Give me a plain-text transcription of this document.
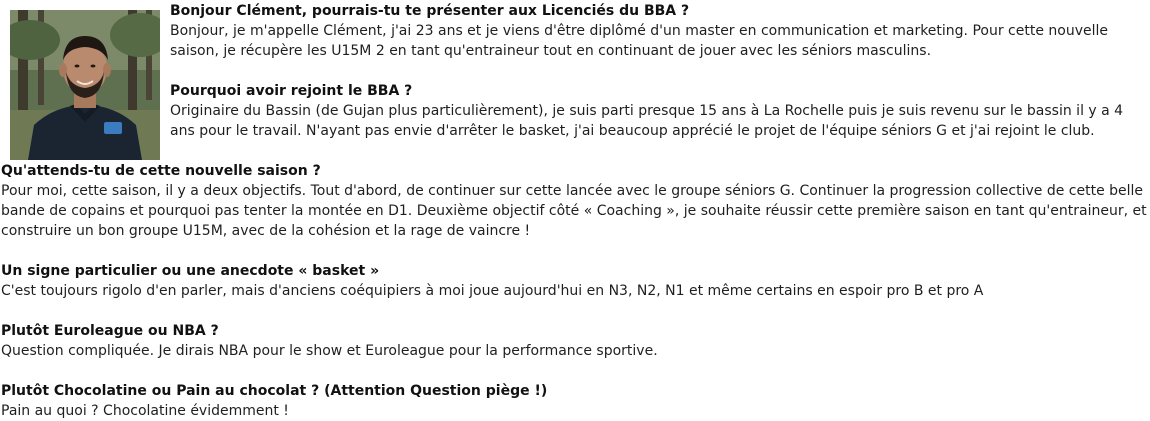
Bonjour Clément, pourrais-tu te présenter aux Licenciés du BBA ?

Bonjour, je m'appelle Clément, j'ai 23 ans et je viens d'être diplômé d'un master en communication et marketing. Pour cette nouvelle saison, je récupère les U15M 2 en tant qu'entraineur tout en continuant de jouer avec les séniors masculins.

Pourquoi avoir rejoint le BBA ?

Originaire du Bassin (de Gujan plus particulièrement), je suis parti presque 15 ans à La Rochelle puis je suis revenu sur le bassin il y a 4 ans pour le travail. N'ayant pas envie d'arrêter le basket, j'ai beaucoup apprécié le projet de l'équipe séniors G et j'ai rejoint le club.

Qu'attends-tu de cette nouvelle saison ?

Pour moi, cette saison, il y a deux objectifs. Tout d'abord, de continuer sur cette lancée avec le groupe séniors G. Continuer la progression collective de cette belle bande de copains et pourquoi pas tenter la montée en D1. Deuxième objectif côté « Coaching », je souhaite réussir cette première saison en tant qu'entraineur, et construire un bon groupe U15M, avec de la cohésion et la rage de vaincre !

Un signe particulier ou une anecdote « basket »

C'est toujours rigolo d'en parler, mais d'anciens coéquipiers à moi joue aujourd'hui en N3, N2, N1 et même certains en espoir pro B et pro A

Plutôt Euroleague ou NBA ?

Question compliquée. Je dirais NBA pour le show et Euroleague pour la performance sportive.

Plutôt Chocolatine ou Pain au chocolat ? (Attention Question piège !)

Pain au quoi ? Chocolatine évidemment !
